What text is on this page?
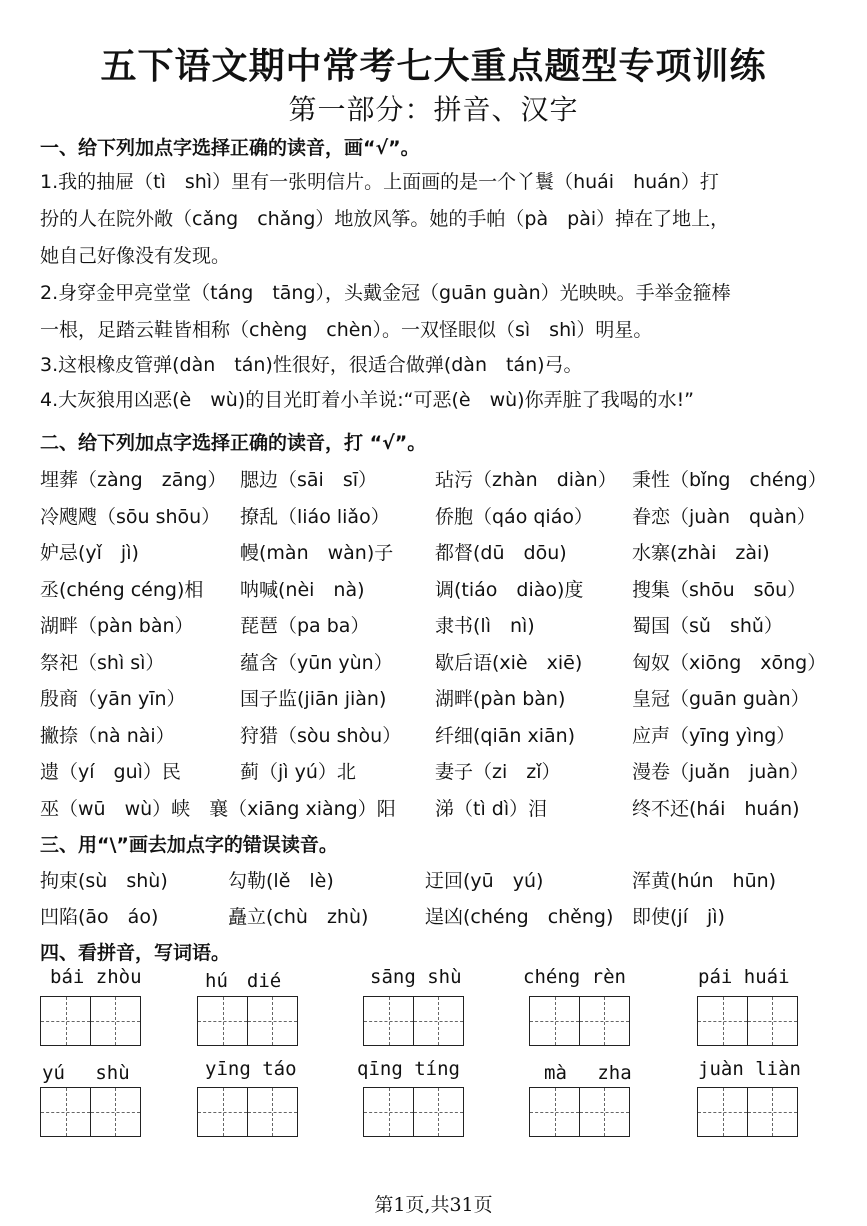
五下语文期中常考七大重点题型专项训练
第一部分：拼音、汉字
一、给下列加点字选择正确的读音，画“√”。
1.我的抽屉（tì　shì）里有一张明信片。上面画的是一个丫鬟（huái　huán）打
扮的人在院外敞（cǎng　chǎng）地放风筝。她的手帕（pà　pài）掉在了地上，
她自己好像没有发现。
2.身穿金甲亮堂堂（táng　tāng），头戴金冠（guān guàn）光映映。手举金箍棒
一根，足踏云鞋皆相称（chèng　chèn）。一双怪眼似（sì　shì）明星。
3.这根橡皮管弹(dàn　tán)性很好，很适合做弹(dàn　tán)弓。
4.大灰狼用凶恶(è　wù)的目光盯着小羊说:“可恶(è　wù)你弄脏了我喝的水!”
二、给下列加点字选择正确的读音，打 “√”。
埋葬（zàng　zāng） 腮边（sāi　sī）	玷污（zhàn　diàn） 秉性（bǐng　chéng）
冷飕飕（sōu shōu） 撩乱（liáo liǎo） 侨胞（qáo qiáo） 眷恋（juàn　quàn）
妒忌(yǐ　jì)	幔(màn　wàn)子 都督(dū　dōu)	水寨(zhài　zài)
丞(chéng céng)相 呐喊(nèi　nà)	调(tiáo　diào)度	搜集（shōu　sōu）
湖畔（pàn bàn） 琵琶（pa ba）	隶书(lì　nì)	蜀国（sǔ　shǔ）
祭祀（shì sì）	蕴含（yūn yùn） 歇后语(xiè　xiē)	匈奴（xiōng　xōng）
殷商（yān yīn）	国子监(jiān jiàn)	湖畔(pàn bàn)	皇冠（guān guàn）
撇捺（nà nài）	狩猎（sòu shòu） 纤细(qiān xiān)	应声（yīng yìng）
遗（yí　guì）民	蓟（jì yú）北	妻子（zi　zǐ）	漫卷（juǎn　juàn）
巫（wū　wù）峡　襄（xiāng xiàng）阳 涕（tì dì）泪	终不还(hái　huán)
三、用“\”画去加点字的错误读音。
拘束(sù　shù)	勾勒(lě　lè)	迂回(yū　yú)	浑黄(hún　hūn)
凹陷(āo　áo)	矗立(chù　zhù)	逞凶(chéng　chěng) 即使(jí　jì)
四、看拼音，写词语。
bái zhòu	hú　dié	sāng shù	chéng rèn	pái huái
yú　 shù	yīng táo	qīng tíng	mà　 zha	juàn liàn
第1页,共31页
